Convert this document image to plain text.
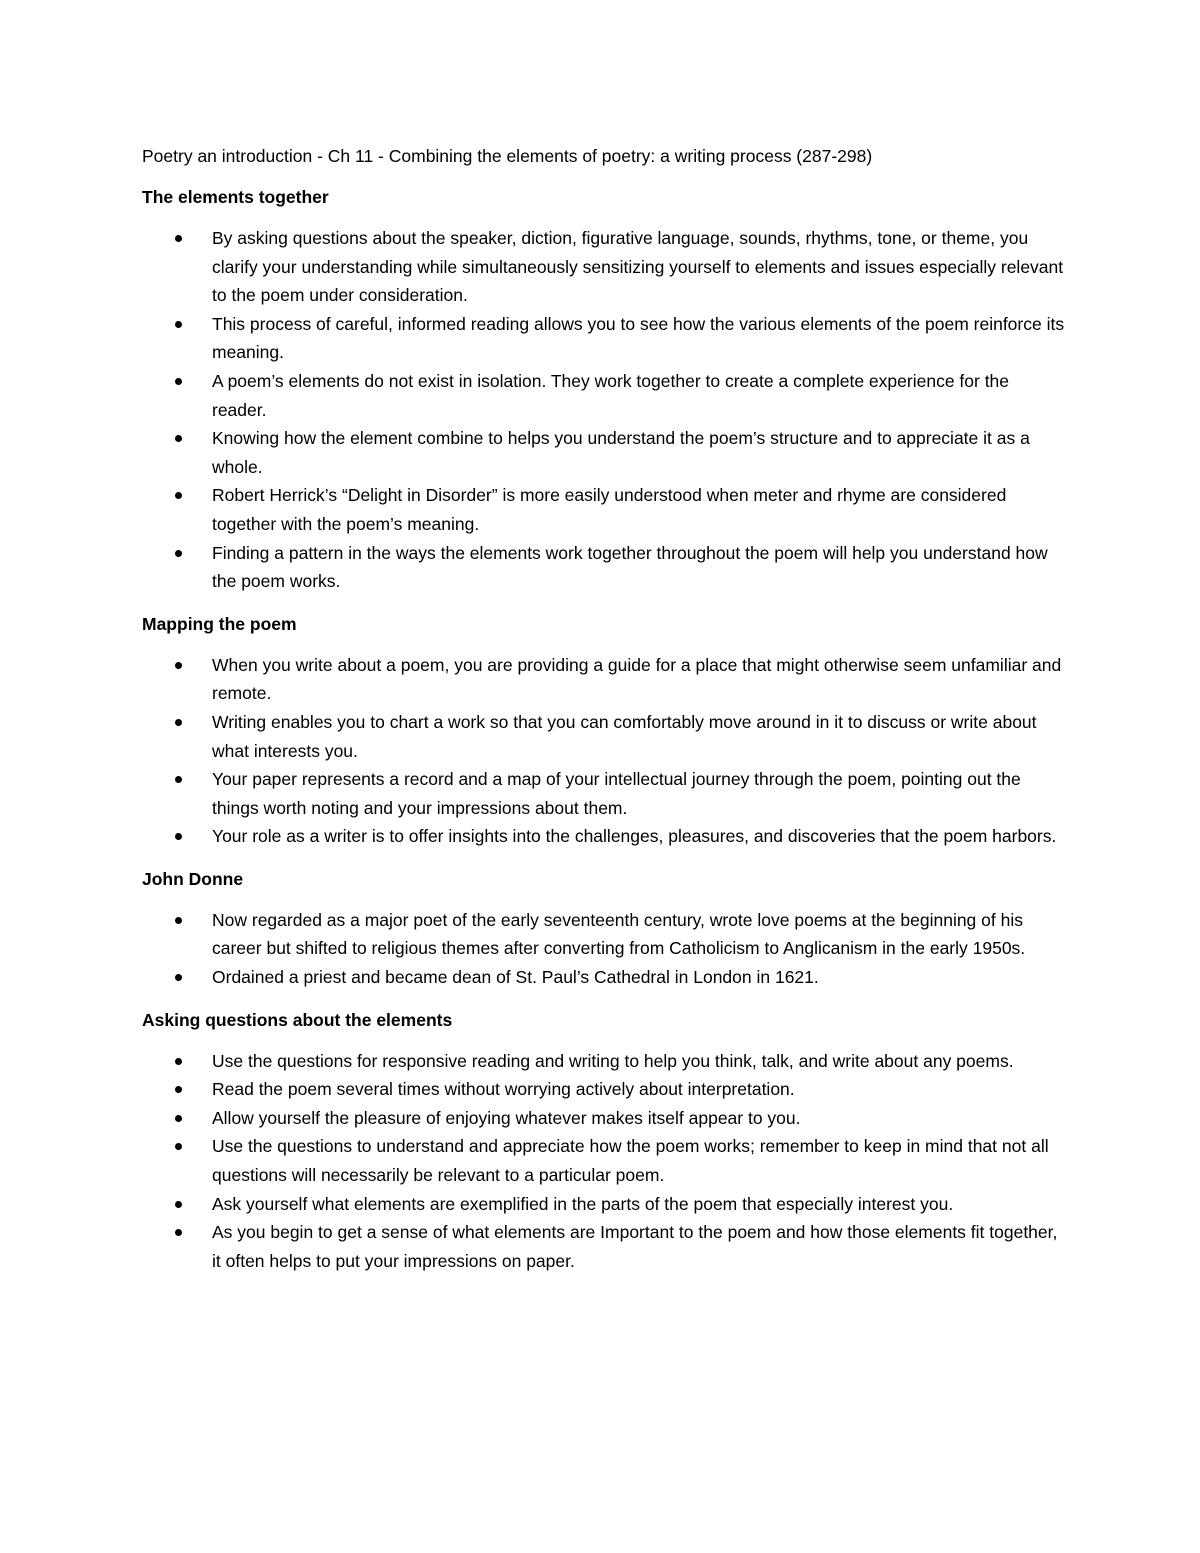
Poetry an introduction - Ch 11 - Combining the elements of poetry: a writing process (287-298)
The elements together
By asking questions about the speaker, diction, figurative language, sounds, rhythms, tone, or theme, you clarify your understanding while simultaneously sensitizing yourself to elements and issues especially relevant to the poem under consideration.
This process of careful, informed reading allows you to see how the various elements of the poem reinforce its meaning.
A poem’s elements do not exist in isolation. They work together to create a complete experience for the reader.
Knowing how the element combine to helps you understand the poem’s structure and to appreciate it as a whole.
Robert Herrick’s “Delight in Disorder” is more easily understood when meter and rhyme are considered together with the poem’s meaning.
Finding a pattern in the ways the elements work together throughout the poem will help you understand how the poem works.
Mapping the poem
When you write about a poem, you are providing a guide for a place that might otherwise seem unfamiliar and remote.
Writing enables you to chart a work so that you can comfortably move around in it to discuss or write about what interests you.
Your paper represents a record and a map of your intellectual journey through the poem, pointing out the things worth noting and your impressions about them.
Your role as a writer is to offer insights into the challenges, pleasures, and discoveries that the poem harbors.
John Donne
Now regarded as a major poet of the early seventeenth century, wrote love poems at the beginning of his career but shifted to religious themes after converting from Catholicism to Anglicanism in the early 1950s.
Ordained a priest and became dean of St. Paul’s Cathedral in London in 1621.
Asking questions about the elements
Use the questions for responsive reading and writing to help you think, talk, and write about any poems.
Read the poem several times without worrying actively about interpretation.
Allow yourself the pleasure of enjoying whatever makes itself appear to you.
Use the questions to understand and appreciate how the poem works; remember to keep in mind that not all questions will necessarily be relevant to a particular poem.
Ask yourself what elements are exemplified in the parts of the poem that especially interest you.
As you begin to get a sense of what elements are Important to the poem and how those elements fit together, it often helps to put your impressions on paper.
